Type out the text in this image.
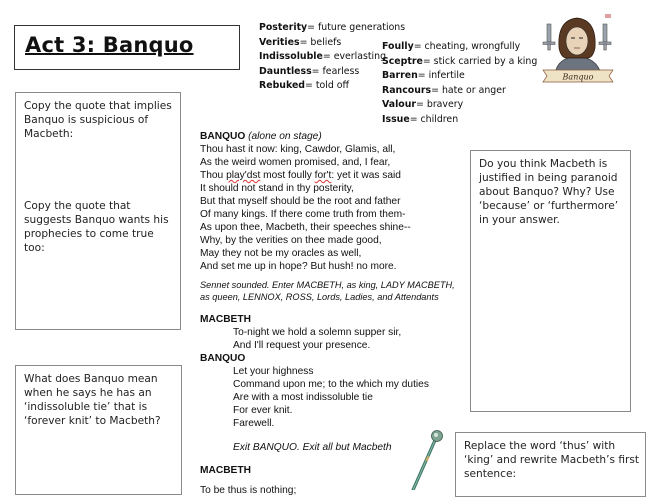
Act 3: Banquo
Posterity= future generations
Verities= beliefs
Indissoluble= everlasting
Dauntless= fearless
Rebuked= told off
Foully= cheating, wrongfully
Sceptre= stick carried by a king
Barren= infertile
Rancours= hate or anger
Valour= bravery
Issue= children
Banquo
Copy the quote that implies Banquo is suspicious of Macbeth:
Copy the quote that suggests Banquo wants his prophecies to come true too:
What does Banquo mean when he says he has an ‘indissoluble tie’ that is ‘forever knit’ to Macbeth?
Do you think Macbeth is justified in being paranoid about Banquo? Why? Use ‘because’ or ‘furthermore’ in your answer.
Replace the word ‘thus’ with ‘king’ and rewrite Macbeth’s first sentence:
BANQUO (alone on stage)
Thou hast it now: king, Cawdor, Glamis, all,
As the weird women promised, and, I fear,
Thou play'dst most foully for't: yet it was said
It should not stand in thy posterity,
But that myself should be the root and father
Of many kings. If there come truth from them-
As upon thee, Macbeth, their speeches shine--
Why, by the verities on thee made good,
May they not be my oracles as well,
And set me up in hope? But hush! no more.
Sennet sounded. Enter MACBETH, as king, LADY MACBETH,
as queen, LENNOX, ROSS, Lords, Ladies, and Attendants
MACBETH
To-night we hold a solemn supper sir,
And I'll request your presence.
BANQUO
Let your highness
Command upon me; to the which my duties
Are with a most indissoluble tie
For ever knit.
Farewell.
Exit BANQUO. Exit all but Macbeth
MACBETH
To be thus is nothing;
